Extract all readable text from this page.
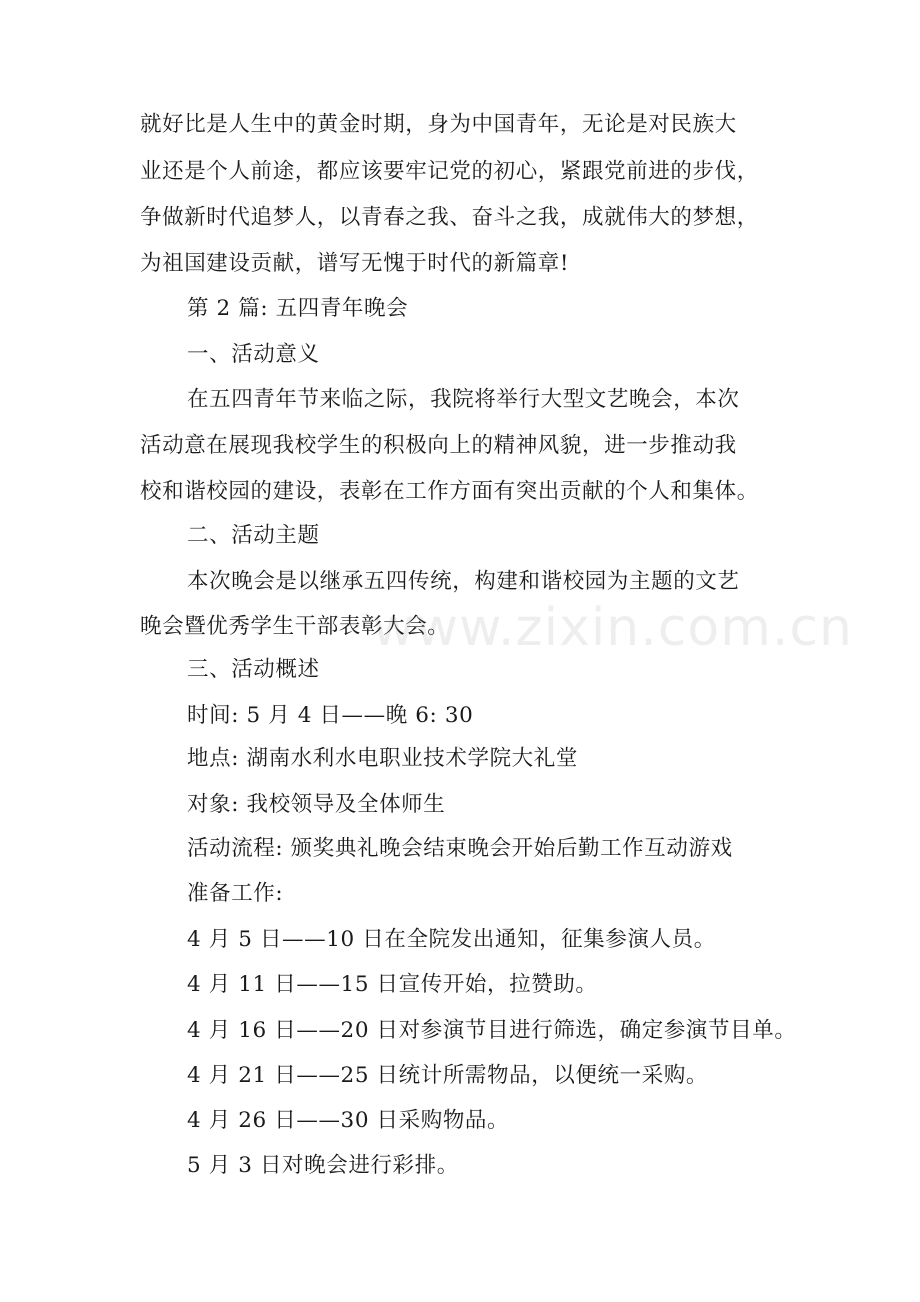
就好比是人生中的黄金时期，身为中国青年，无论是对民族大
业还是个人前途，都应该要牢记党的初心，紧跟党前进的步伐，
争做新时代追梦人，以青春之我、奋斗之我，成就伟大的梦想，
为祖国建设贡献，谱写无愧于时代的新篇章!
第 2 篇: 五四青年晚会
一、活动意义
在五四青年节来临之际，我院将举行大型文艺晚会，本次
活动意在展现我校学生的积极向上的精神风貌，进一步推动我
校和谐校园的建设，表彰在工作方面有突出贡献的个人和集体。
二、活动主题
本次晚会是以继承五四传统，构建和谐校园为主题的文艺
晚会暨优秀学生干部表彰大会。
三、活动概述
时间: 5 月 4 日——晚 6: 30
地点: 湖南水利水电职业技术学院大礼堂
对象: 我校领导及全体师生
活动流程: 颁奖典礼晚会结束晚会开始后勤工作互动游戏
准备工作:
4 月 5 日——10 日在全院发出通知，征集参演人员。
4 月 11 日——15 日宣传开始，拉赞助。
4 月 16 日——20 日对参演节目进行筛选，确定参演节目单。
4 月 21 日——25 日统计所需物品，以便统一采购。
4 月 26 日——30 日采购物品。
5 月 3 日对晚会进行彩排。
www.zixin.com.cn
